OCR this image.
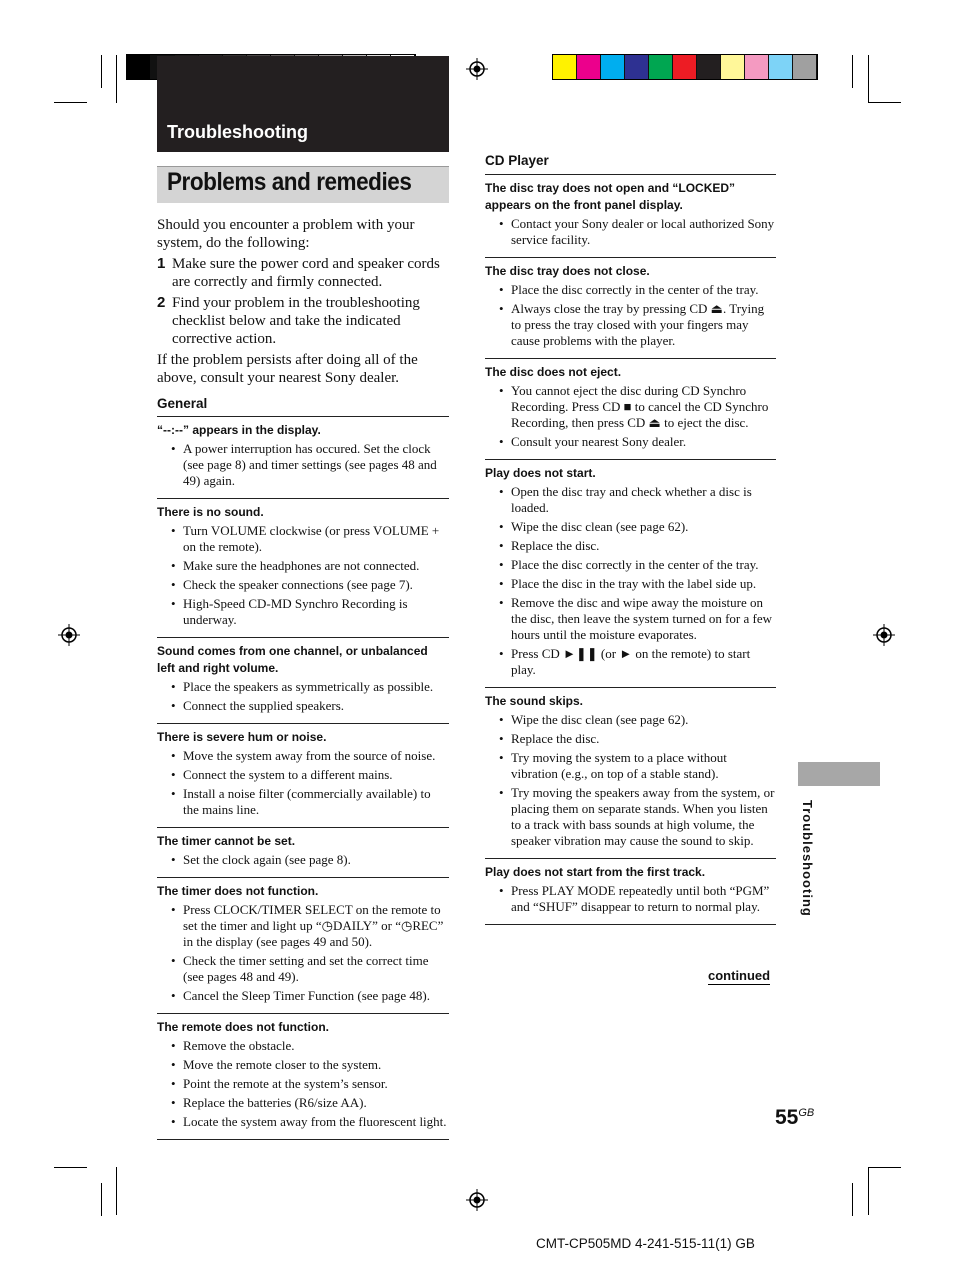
Troubleshooting
Problems and remedies

Should you encounter a problem with your system, do the following:

1 Make sure the power cord and speaker cords are correctly and firmly connected.
2 Find your problem in the troubleshooting checklist below and take the indicated corrective action.

If the problem persists after doing all of the above, consult your nearest Sony dealer.

General

“--:--” appears in the display.

• A power interruption has occured. Set the clock (see page 8) and timer settings (see pages 48 and 49) again.

There is no sound.

• Turn VOLUME clockwise (or press VOLUME + on the remote).
• Make sure the headphones are not connected.
• Check the speaker connections (see page 7).
• High-Speed CD-MD Synchro Recording is underway.

Sound comes from one channel, or unbalanced left and right volume.

• Place the speakers as symmetrically as possible.
• Connect the supplied speakers.

There is severe hum or noise.

• Move the system away from the source of noise.
• Connect the system to a different mains.
• Install a noise filter (commercially available) to the mains line.

The timer cannot be set.

• Set the clock again (see page 8).

The timer does not function.

• Press CLOCK/TIMER SELECT on the remote to set the timer and light up “◷DAILY” or “◷REC” in the display (see pages 49 and 50).
• Check the timer setting and set the correct time (see pages 48 and 49).
• Cancel the Sleep Timer Function (see page 48).

The remote does not function.

• Remove the obstacle.
• Move the remote closer to the system.
• Point the remote at the system’s sensor.
• Replace the batteries (R6/size AA).
• Locate the system away from the fluorescent light.

CD Player

The disc tray does not open and “LOCKED” appears on the front panel display.

• Contact your Sony dealer or local authorized Sony service facility.

The disc tray does not close.

• Place the disc correctly in the center of the tray.
• Always close the tray by pressing CD ⏏. Trying to press the tray closed with your fingers may cause problems with the player.

The disc does not eject.

• You cannot eject the disc during CD Synchro Recording. Press CD ■ to cancel the CD Synchro Recording, then press CD ⏏ to eject the disc.
• Consult your nearest Sony dealer.

Play does not start.

• Open the disc tray and check whether a disc is loaded.
• Wipe the disc clean (see page 62).
• Replace the disc.
• Place the disc correctly in the center of the tray.
• Place the disc in the tray with the label side up.
• Remove the disc and wipe away the moisture on the disc, then leave the system turned on for a few hours until the moisture evaporates.
• Press CD ►❚❚ (or ► on the remote) to start play.

The sound skips.

• Wipe the disc clean (see page 62).
• Replace the disc.
• Try moving the system to a place without vibration (e.g., on top of a stable stand).
• Try moving the speakers away from the system, or placing them on separate stands. When you listen to a track with bass sounds at high volume, the speaker vibration may cause the sound to skip.

Play does not start from the first track.

• Press PLAY MODE repeatedly until both “PGM” and “SHUF” disappear to return to normal play.	Troubleshooting
continued
$55^{GB}$
CMT-CP505MD 4-241-515-11(1) GB
